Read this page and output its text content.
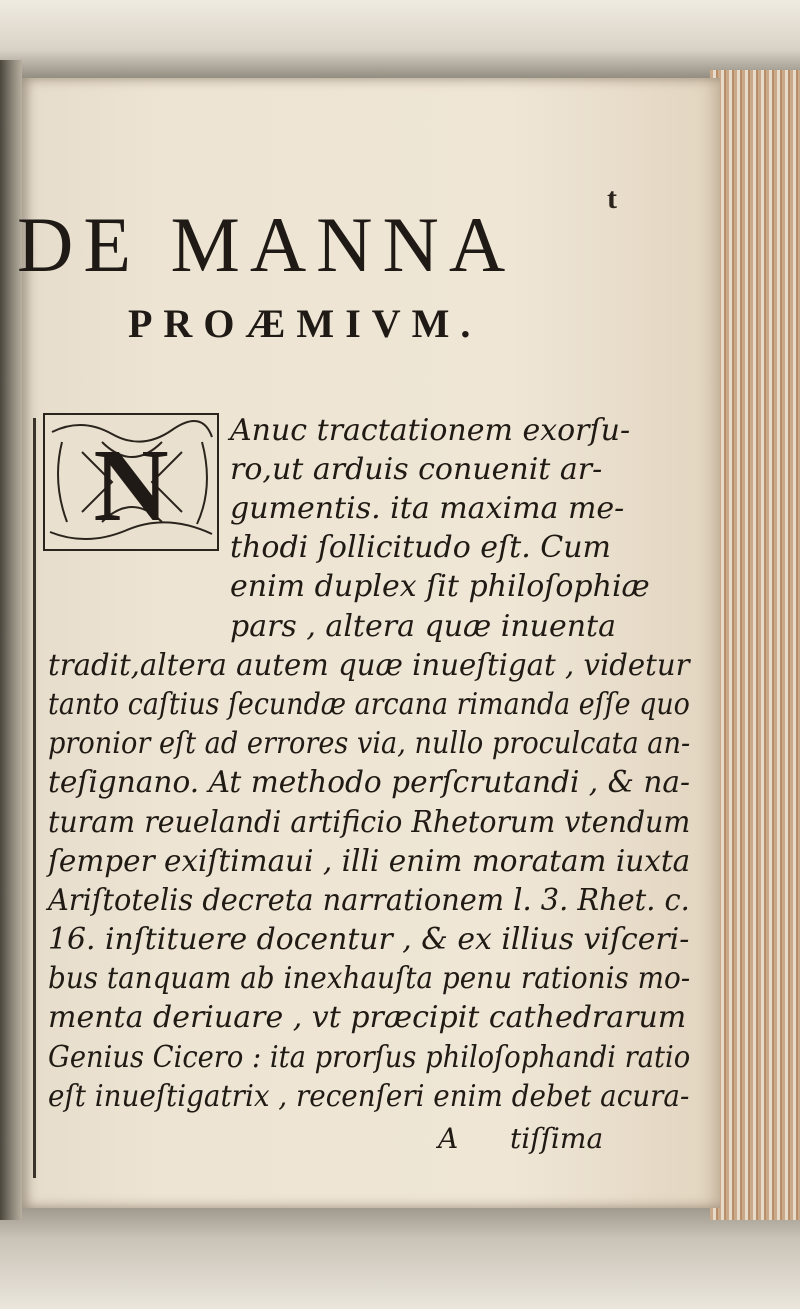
t
DE MANNA
PROÆMIVM.
N Anuc tractationem exorſu-
ro,ut arduis conuenit ar-
gumentis. ita maxima me-
thodi ſollicitudo eſt. Cum
enim duplex ſit philoſophiæ
pars , altera quæ inuenta
tradit,altera autem quæ inueſtigat , videtur
tanto caſtius ſecundæ arcana rimanda eſſe quo
pronior eſt ad errores via, nullo proculcata an-
teſignano. At methodo perſcrutandi , & na-
turam reuelandi artificio Rhetorum vtendum
ſemper exiſtimaui , illi enim moratam iuxta
Ariſtotelis decreta narrationem l. 3. Rhet. c.
16. inſtituere docentur , & ex illius viſceri-
bus tanquam ab inexhauſta penu rationis mo-
menta deriuare , vt præcipit cathedrarum
Genius Cicero : ita prorſus philoſophandi ratio
eſt inueſtigatrix , recenſeri enim debet acura-
A tiſſima
